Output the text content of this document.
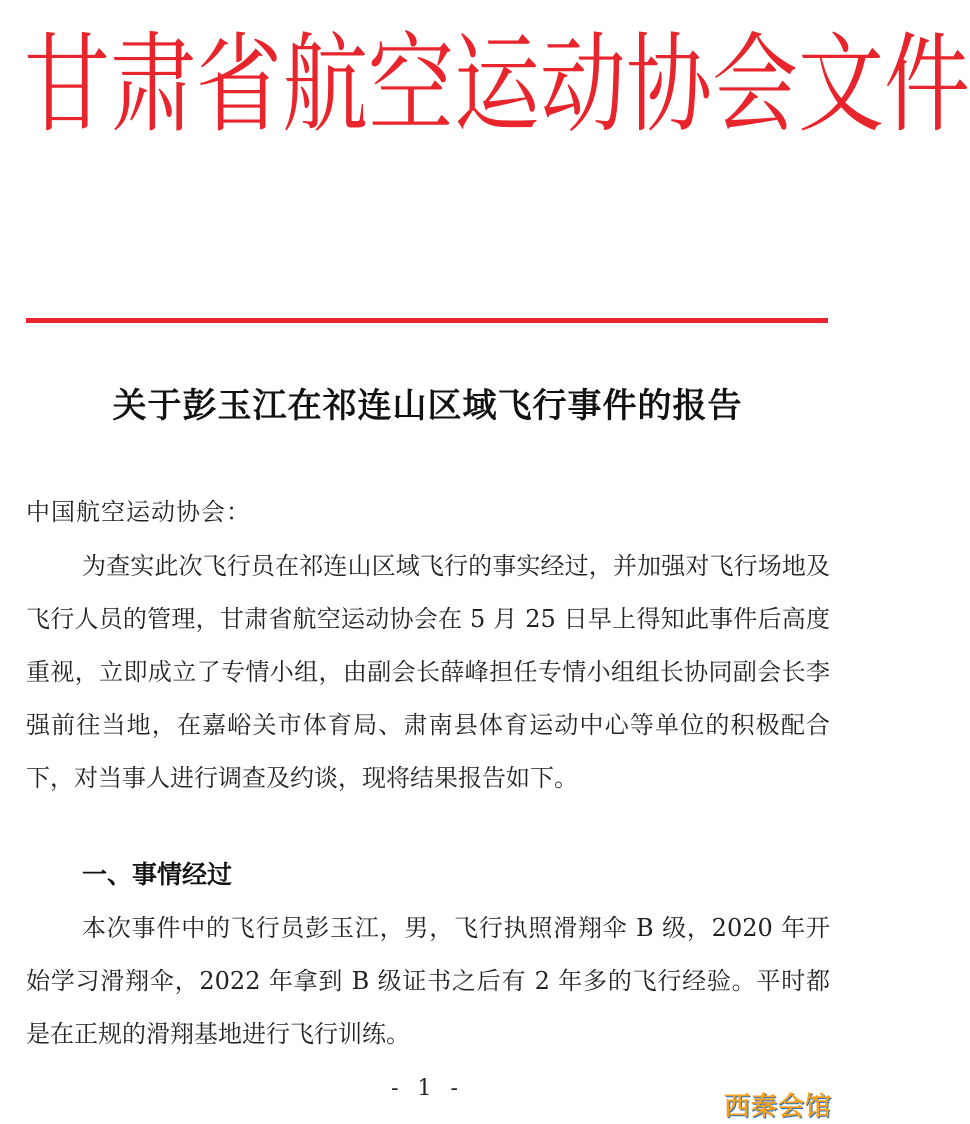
甘 肃 省 航 空 运 动 协 会 文 件
关于彭玉江在祁连山区域飞行事件的报告
中国航空运动协会：

为查实此次飞行员在祁连山区域飞行的事实经过，并加强对飞行场地及飞行人员的管理，甘肃省航空运动协会在 5 月 25 日早上得知此事件后高度重视，立即成立了专情小组，由副会长薛峰担任专情小组组长协同副会长李强前往当地，在嘉峪关市体育局、肃南县体育运动中心等单位的积极配合下，对当事人进行调查及约谈，现将结果报告如下。

一、事情经过

本次事件中的飞行员彭玉江，男，飞行执照滑翔伞 B 级，2020 年开始学习滑翔伞，2022 年拿到 B 级证书之后有 2 年多的飞行经验。平时都是在正规的滑翔基地进行飞行训练。

- 1 -
西秦会馆
